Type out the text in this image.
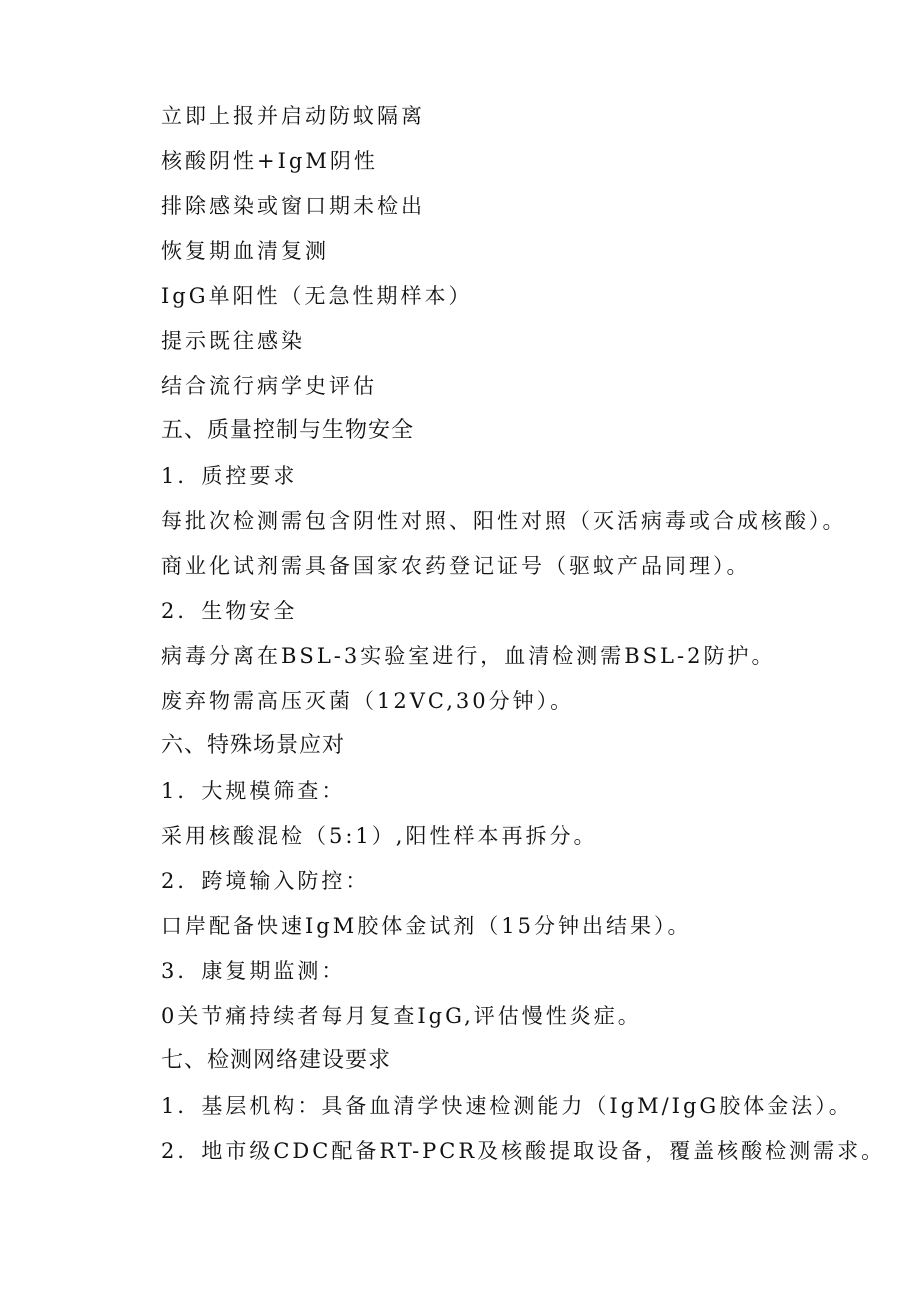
立即上报并启动防蚊隔离

核酸阴性+IgM阴性

排除感染或窗口期未检出

恢复期血清复测

IgG单阳性（无急性期样本）

提示既往感染

结合流行病学史评估

五、质量控制与生物安全

1．质控要求

每批次检测需包含阴性对照、阳性对照（灭活病毒或合成核酸）。

商业化试剂需具备国家农药登记证号（驱蚊产品同理）。

2．生物安全

病毒分离在BSL-3实验室进行，血清检测需BSL-2防护。

废弃物需高压灭菌（12VC,30分钟）。

六、特殊场景应对

1．大规模筛查：

采用核酸混检（5:1）,阳性样本再拆分。

2．跨境输入防控：

口岸配备快速IgM胶体金试剂（15分钟出结果）。

3．康复期监测：

0关节痛持续者每月复查IgG,评估慢性炎症。

七、检测网络建设要求

1．基层机构：具备血清学快速检测能力（IgM/IgG胶体金法）。

2．地市级CDC配备RT-PCR及核酸提取设备，覆盖核酸检测需求。
